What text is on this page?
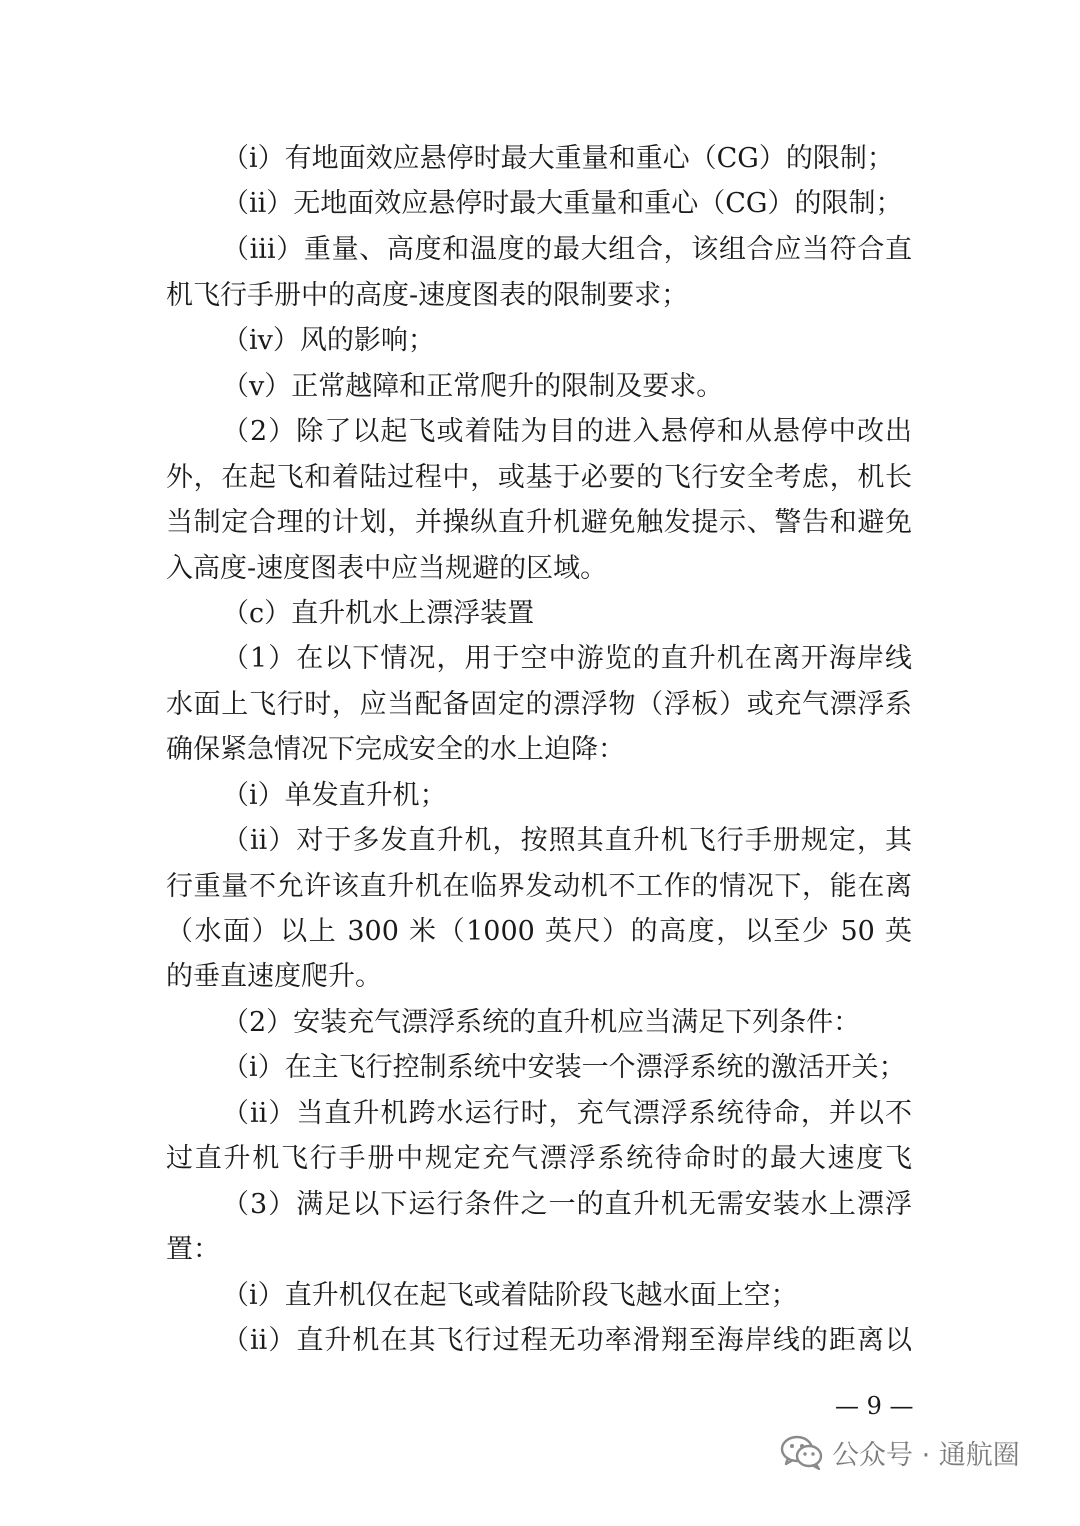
（i）有地面效应悬停时最大重量和重心（CG）的限制；
（ii）无地面效应悬停时最大重量和重心（CG）的限制；
（iii）重量、高度和温度的最大组合，该组合应当符合直
机飞行手册中的高度-速度图表的限制要求；
（iv）风的影响；
（v）正常越障和正常爬升的限制及要求。
（2）除了以起飞或着陆为目的进入悬停和从悬停中改出
外，在起飞和着陆过程中，或基于必要的飞行安全考虑，机长
当制定合理的计划，并操纵直升机避免触发提示、警告和避免
入高度-速度图表中应当规避的区域。
（c）直升机水上漂浮装置
（1）在以下情况，用于空中游览的直升机在离开海岸线
水面上飞行时，应当配备固定的漂浮物（浮板）或充气漂浮系
确保紧急情况下完成安全的水上迫降：
（i）单发直升机；
（ii）对于多发直升机，按照其直升机飞行手册规定，其
行重量不允许该直升机在临界发动机不工作的情况下，能在离
（水面）以上 300 米（1000 英尺）的高度，以至少 50 英
的垂直速度爬升。
（2）安装充气漂浮系统的直升机应当满足下列条件：
（i）在主飞行控制系统中安装一个漂浮系统的激活开关；
（ii）当直升机跨水运行时，充气漂浮系统待命，并以不
过直升机飞行手册中规定充气漂浮系统待命时的最大速度飞
（3）满足以下运行条件之一的直升机无需安装水上漂浮
置：
（i）直升机仅在起飞或着陆阶段飞越水面上空；
（ii）直升机在其飞行过程无功率滑翔至海岸线的距离以
— 9 —
公众号 · 通航圈
